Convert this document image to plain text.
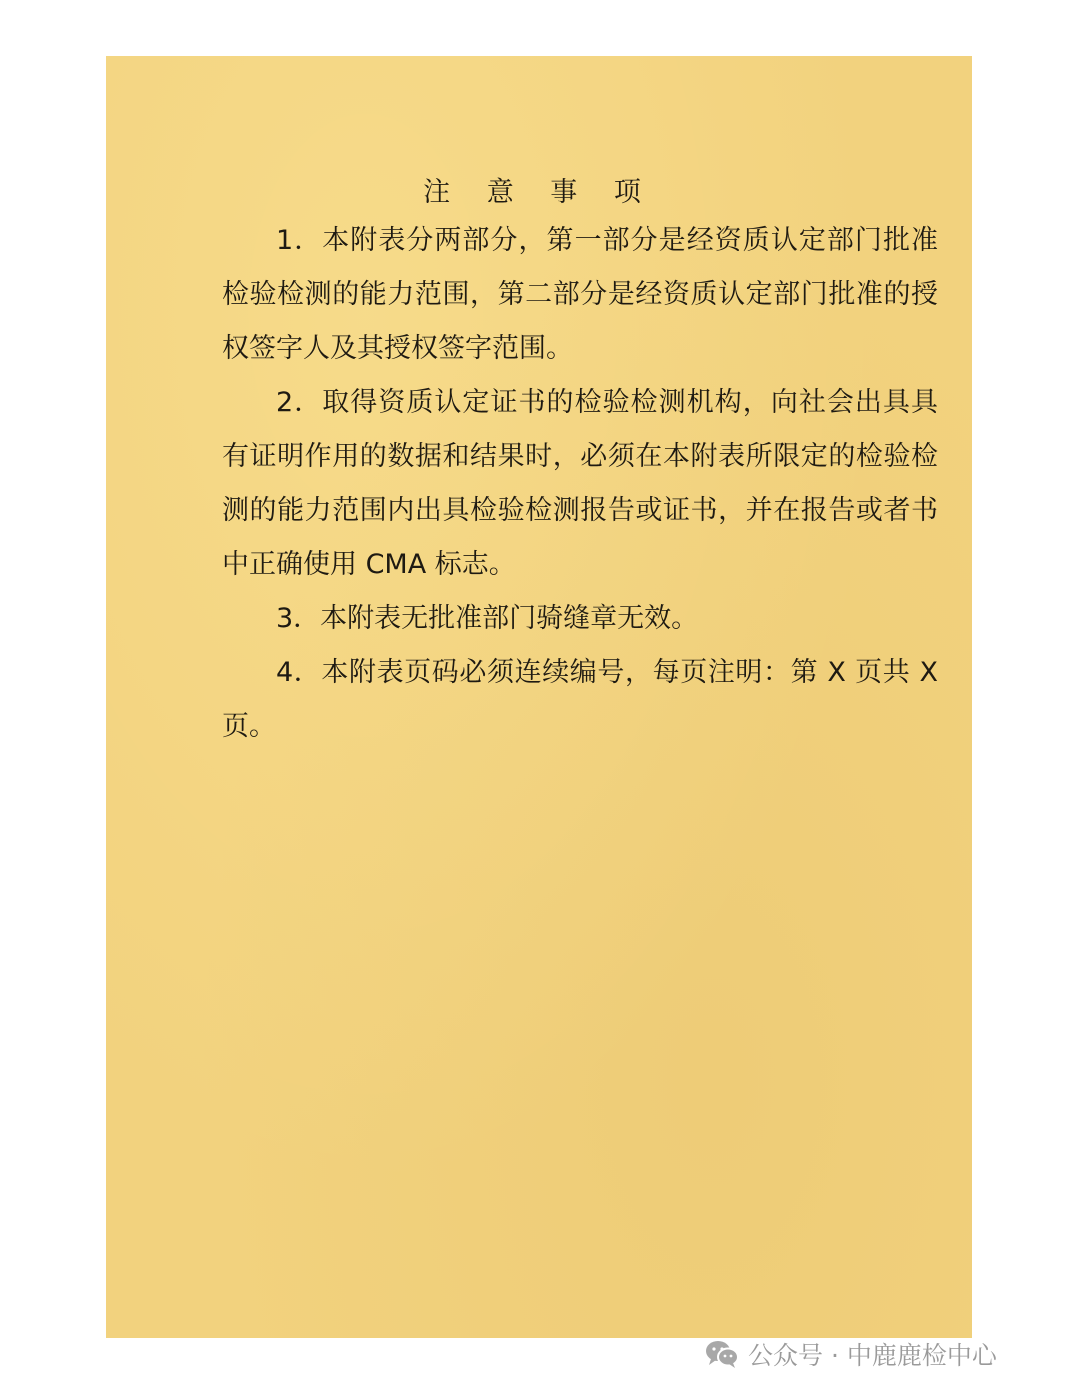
注 意 事 项
1．本附表分两部分，第一部分是经资质认定部门批准检验检测的能力范围，第二部分是经资质认定部门批准的授权签字人及其授权签字范围。
2．取得资质认定证书的检验检测机构，向社会出具具有证明作用的数据和结果时，必须在本附表所限定的检验检测的能力范围内出具检验检测报告或证书，并在报告或者书中正确使用 CMA 标志。
3．本附表无批准部门骑缝章无效。
4．本附表页码必须连续编号，每页注明：第 X 页共 X 页。
公众号 · 中鹿鹿检中心
